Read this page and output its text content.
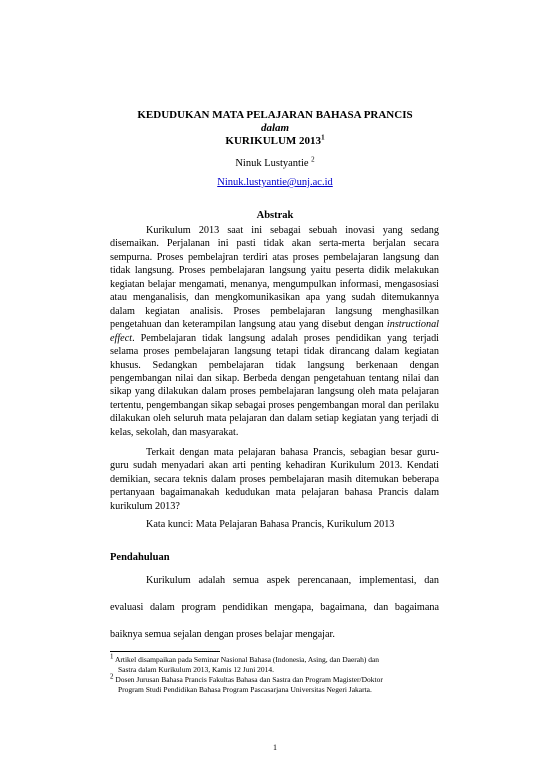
KEDUDUKAN MATA PELAJARAN BAHASA PRANCIS
dalam
KURIKULUM 2013$^1$
Ninuk Lustyantie $^2$
Ninuk.lustyantie@unj.ac.id
Abstrak
Kurikulum 2013 saat ini sebagai sebuah inovasi yang sedang disemaikan. Perjalanan ini pasti tidak akan serta-merta berjalan secara sempurna. Proses pembelajran terdiri atas proses pembelajaran langsung dan tidak langsung. Proses pembelajaran langsung yaitu peserta didik melakukan kegiatan belajar mengamati, menanya, mengumpulkan informasi, mengasosiasi atau menganalisis, dan mengkomunikasikan apa yang sudah ditemukannya dalam kegiatan analisis. Proses pembelajaran langsung menghasilkan pengetahuan dan keterampilan langsung atau yang disebut dengan instructional effect. Pembelajaran tidak langsung adalah proses pendidikan yang terjadi selama proses pembelajaran langsung tetapi tidak dirancang dalam kegiatan khusus. Sedangkan pembelajaran tidak langsung berkenaan dengan pengembangan nilai dan sikap. Berbeda dengan pengetahuan tentang nilai dan sikap yang dilakukan dalam proses pembelajaran langsung oleh mata pelajaran tertentu, pengembangan sikap sebagai proses pengembangan moral dan perilaku dilakukan oleh seluruh mata pelajaran dan dalam setiap kegiatan yang terjadi di kelas, sekolah, dan masyarakat.
Terkait dengan mata pelajaran bahasa Prancis, sebagian besar guru-guru sudah menyadari akan arti penting kehadiran Kurikulum 2013. Kendati demikian, secara teknis dalam proses pembelajaran masih ditemukan beberapa pertanyaan bagaimanakah kedudukan mata pelajaran bahasa Prancis dalam kurikulum 2013?
Kata kunci: Mata Pelajaran Bahasa Prancis, Kurikulum 2013
Pendahuluan
Kurikulum adalah semua aspek perencanaan, implementasi, dan
evaluasi dalam program pendidikan mengapa, bagaimana, dan bagaimana
baiknya semua sejalan dengan proses belajar mengajar.
$^1$ Artikel disampaikan pada Seminar Nasional Bahasa (Indonesia, Asing, dan Daerah) dan
Sastra dalam Kurikulum 2013, Kamis 12 Juni 2014.
$^2$ Dosen Jurusan Bahasa Prancis Fakultas Bahasa dan Sastra dan Program Magister/Doktor
Program Studi Pendidikan Bahasa Program Pascasarjana Universitas Negeri Jakarta.
1
